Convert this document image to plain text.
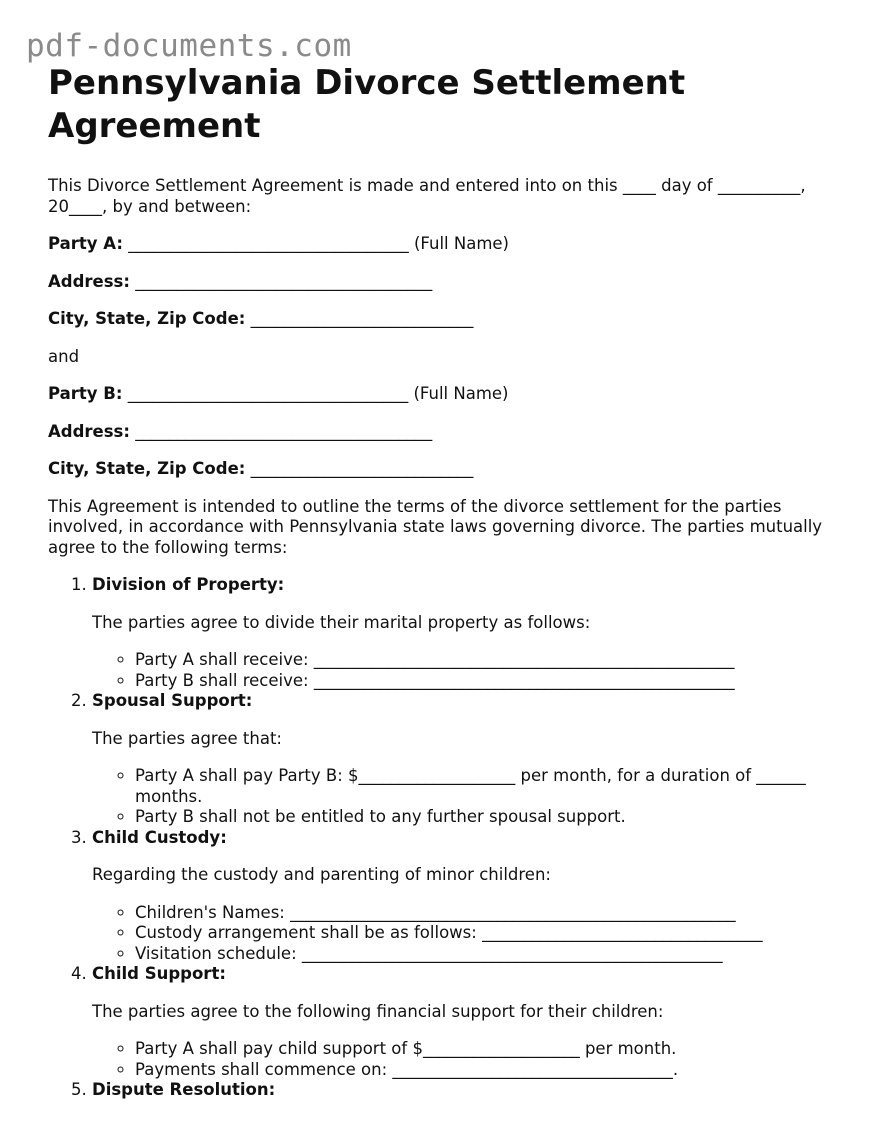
pdf-documents.com
Pennsylvania Divorce Settlement Agreement

This Divorce Settlement Agreement is made and entered into on this ____ day of __________, 20____, by and between:

Party A: __________________________________ (Full Name)

Address: ____________________________________

City, State, Zip Code: ___________________________

and

Party B: __________________________________ (Full Name)

Address: ____________________________________

City, State, Zip Code: ___________________________

This Agreement is intended to outline the terms of the divorce settlement for the parties involved, in accordance with Pennsylvania state laws governing divorce. The parties mutually agree to the following terms:

1. Division of Property:

The parties agree to divide their marital property as follows:

◦ Party A shall receive: ___________________________________________________
◦ Party B shall receive: ___________________________________________________
2. Spousal Support:

The parties agree that:

◦ Party A shall pay Party B: $___________________ per month, for a duration of ______ months.
◦ Party B shall not be entitled to any further spousal support.
3. Child Custody:

Regarding the custody and parenting of minor children:

◦ Children's Names: ______________________________________________________
◦ Custody arrangement shall be as follows: __________________________________
◦ Visitation schedule: ___________________________________________________
4. Child Support:

The parties agree to the following financial support for their children:

◦ Party A shall pay child support of $___________________ per month.
◦ Payments shall commence on: __________________________________.
5. Dispute Resolution:
